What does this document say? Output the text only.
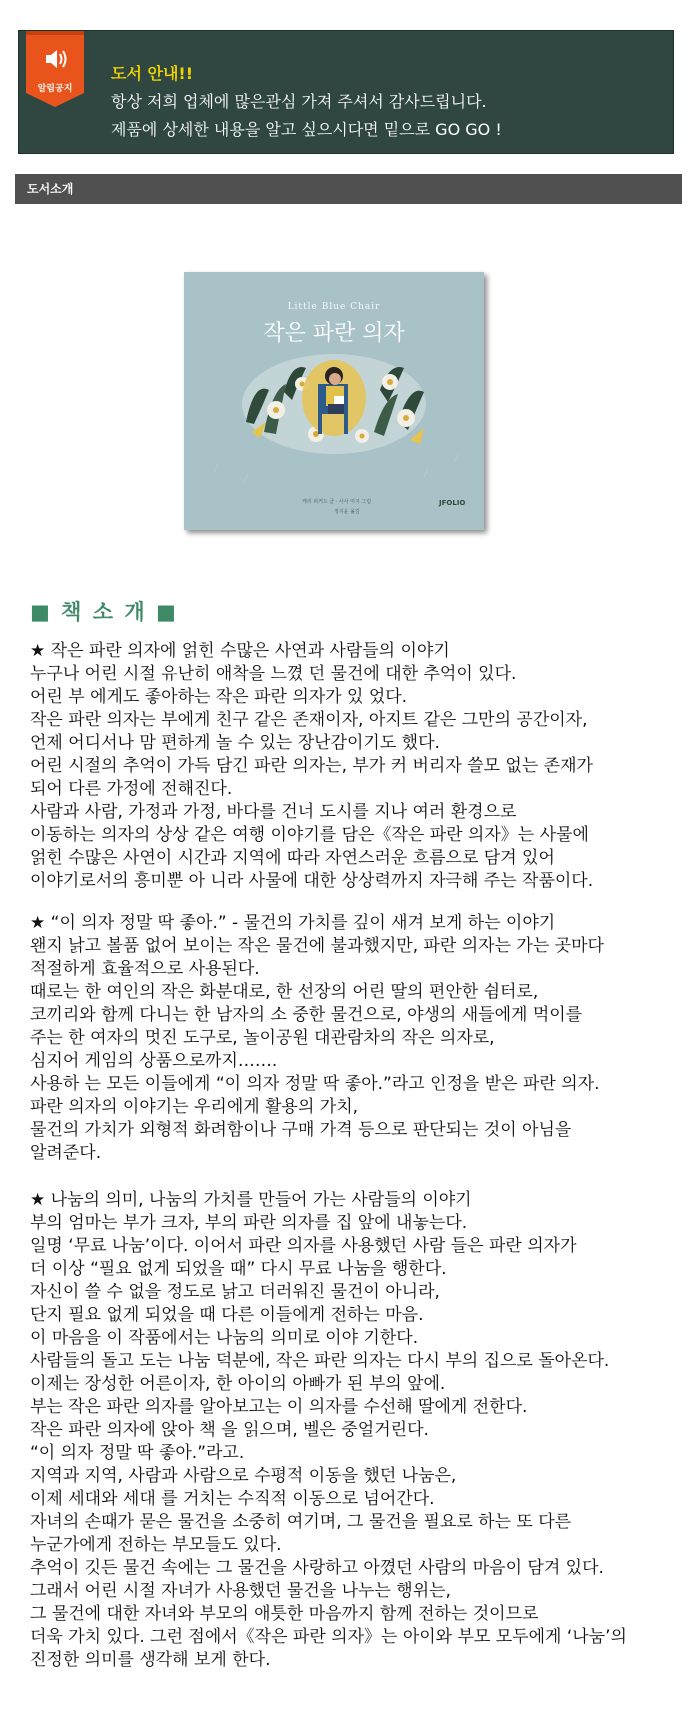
알림공지
도서 안내!!
항상 저희 업체에 많은관심 가져 주셔서 감사드립니다.
제품에 상세한 내용을 알고 싶으시다면 밑으로 GO GO !
도서소개
Little Blue Chair
작은 파란 의자
케리 피커드 글 · 사사 미지 그림
정지윤 옮김
JFOLIO
■ 책 소 개 ■
★ 작은 파란 의자에 얽힌 수많은 사연과 사람들의 이야기
누구나 어린 시절 유난히 애착을 느꼈 던 물건에 대한 추억이 있다.
어린 부 에게도 좋아하는 작은 파란 의자가 있 었다.
작은 파란 의자는 부에게 친구 같은 존재이자, 아지트 같은 그만의 공간이자,
언제 어디서나 맘 편하게 놀 수 있는 장난감이기도 했다.
어린 시절의 추억이 가득 담긴 파란 의자는, 부가 커 버리자 쓸모 없는 존재가
되어 다른 가정에 전해진다.
사람과 사람, 가정과 가정, 바다를 건너 도시를 지나 여러 환경으로
이동하는 의자의 상상 같은 여행 이야기를 담은《작은 파란 의자》는 사물에
얽힌 수많은 사연이 시간과 지역에 따라 자연스러운 흐름으로 담겨 있어
이야기로서의 흥미뿐 아 니라 사물에 대한 상상력까지 자극해 주는 작품이다.
★ “이 의자 정말 딱 좋아.” - 물건의 가치를 깊이 새겨 보게 하는 이야기
왠지 낡고 볼품 없어 보이는 작은 물건에 불과했지만, 파란 의자는 가는 곳마다
적절하게 효율적으로 사용된다.
때로는 한 여인의 작은 화분대로, 한 선장의 어린 딸의 편안한 쉼터로,
코끼리와 함께 다니는 한 남자의 소 중한 물건으로, 야생의 새들에게 먹이를
주는 한 여자의 멋진 도구로, 놀이공원 대관람차의 작은 의자로,
심지어 게임의 상품으로까지…….
사용하 는 모든 이들에게 “이 의자 정말 딱 좋아.”라고 인정을 받은 파란 의자.
파란 의자의 이야기는 우리에게 활용의 가치,
물건의 가치가 외형적 화려함이나 구매 가격 등으로 판단되는 것이 아님을
알려준다.
★ 나눔의 의미, 나눔의 가치를 만들어 가는 사람들의 이야기
부의 엄마는 부가 크자, 부의 파란 의자를 집 앞에 내놓는다.
일명 ‘무료 나눔’이다. 이어서 파란 의자를 사용했던 사람 들은 파란 의자가
더 이상 “필요 없게 되었을 때” 다시 무료 나눔을 행한다.
자신이 쓸 수 없을 정도로 낡고 더러워진 물건이 아니라,
단지 필요 없게 되었을 때 다른 이들에게 전하는 마음.
이 마음을 이 작품에서는 나눔의 의미로 이야 기한다.
사람들의 돌고 도는 나눔 덕분에, 작은 파란 의자는 다시 부의 집으로 돌아온다.
이제는 장성한 어른이자, 한 아이의 아빠가 된 부의 앞에.
부는 작은 파란 의자를 알아보고는 이 의자를 수선해 딸에게 전한다.
작은 파란 의자에 앉아 책 을 읽으며, 벨은 중얼거린다.
“이 의자 정말 딱 좋아.”라고.
지역과 지역, 사람과 사람으로 수평적 이동을 했던 나눔은,
이제 세대와 세대 를 거치는 수직적 이동으로 넘어간다.
자녀의 손때가 묻은 물건을 소중히 여기며, 그 물건을 필요로 하는 또 다른
누군가에게 전하는 부모들도 있다.
추억이 깃든 물건 속에는 그 물건을 사랑하고 아꼈던 사람의 마음이 담겨 있다.
그래서 어린 시절 자녀가 사용했던 물건을 나누는 행위는,
그 물건에 대한 자녀와 부모의 애틋한 마음까지 함께 전하는 것이므로
더욱 가치 있다. 그런 점에서《작은 파란 의자》는 아이와 부모 모두에게 ‘나눔’의
진정한 의미를 생각해 보게 한다.
